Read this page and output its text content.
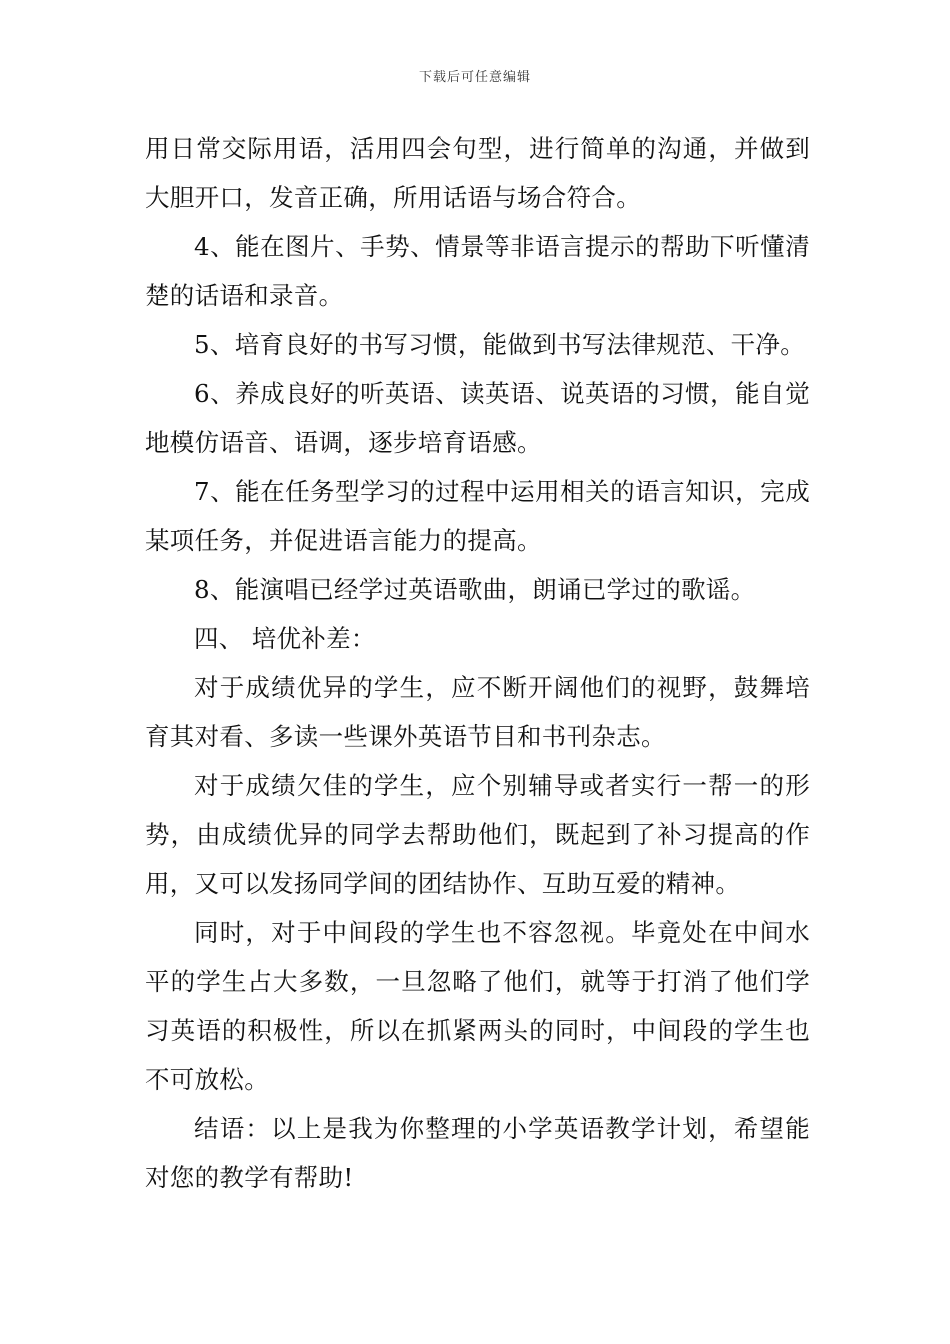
下载后可任意编辑

用日常交际用语，活用四会句型，进行简单的沟通，并做到大胆开口，发音正确，所用话语与场合符合。

4、能在图片、手势、情景等非语言提示的帮助下听懂清楚的话语和录音。

5、培育良好的书写习惯，能做到书写法律规范、干净。

6、养成良好的听英语、读英语、说英语的习惯，能自觉地模仿语音、语调，逐步培育语感。

7、能在任务型学习的过程中运用相关的语言知识，完成某项任务，并促进语言能力的提高。

8、能演唱已经学过英语歌曲，朗诵已学过的歌谣。

四、 培优补差：

对于成绩优异的学生，应不断开阔他们的视野，鼓舞培育其对看、多读一些课外英语节目和书刊杂志。

对于成绩欠佳的学生，应个别辅导或者实行一帮一的形势，由成绩优异的同学去帮助他们，既起到了补习提高的作用，又可以发扬同学间的团结协作、互助互爱的精神。

同时，对于中间段的学生也不容忽视。毕竟处在中间水平的学生占大多数，一旦忽略了他们，就等于打消了他们学习英语的积极性，所以在抓紧两头的同时，中间段的学生也不可放松。

结语：以上是我为你整理的小学英语教学计划，希望能对您的教学有帮助!
